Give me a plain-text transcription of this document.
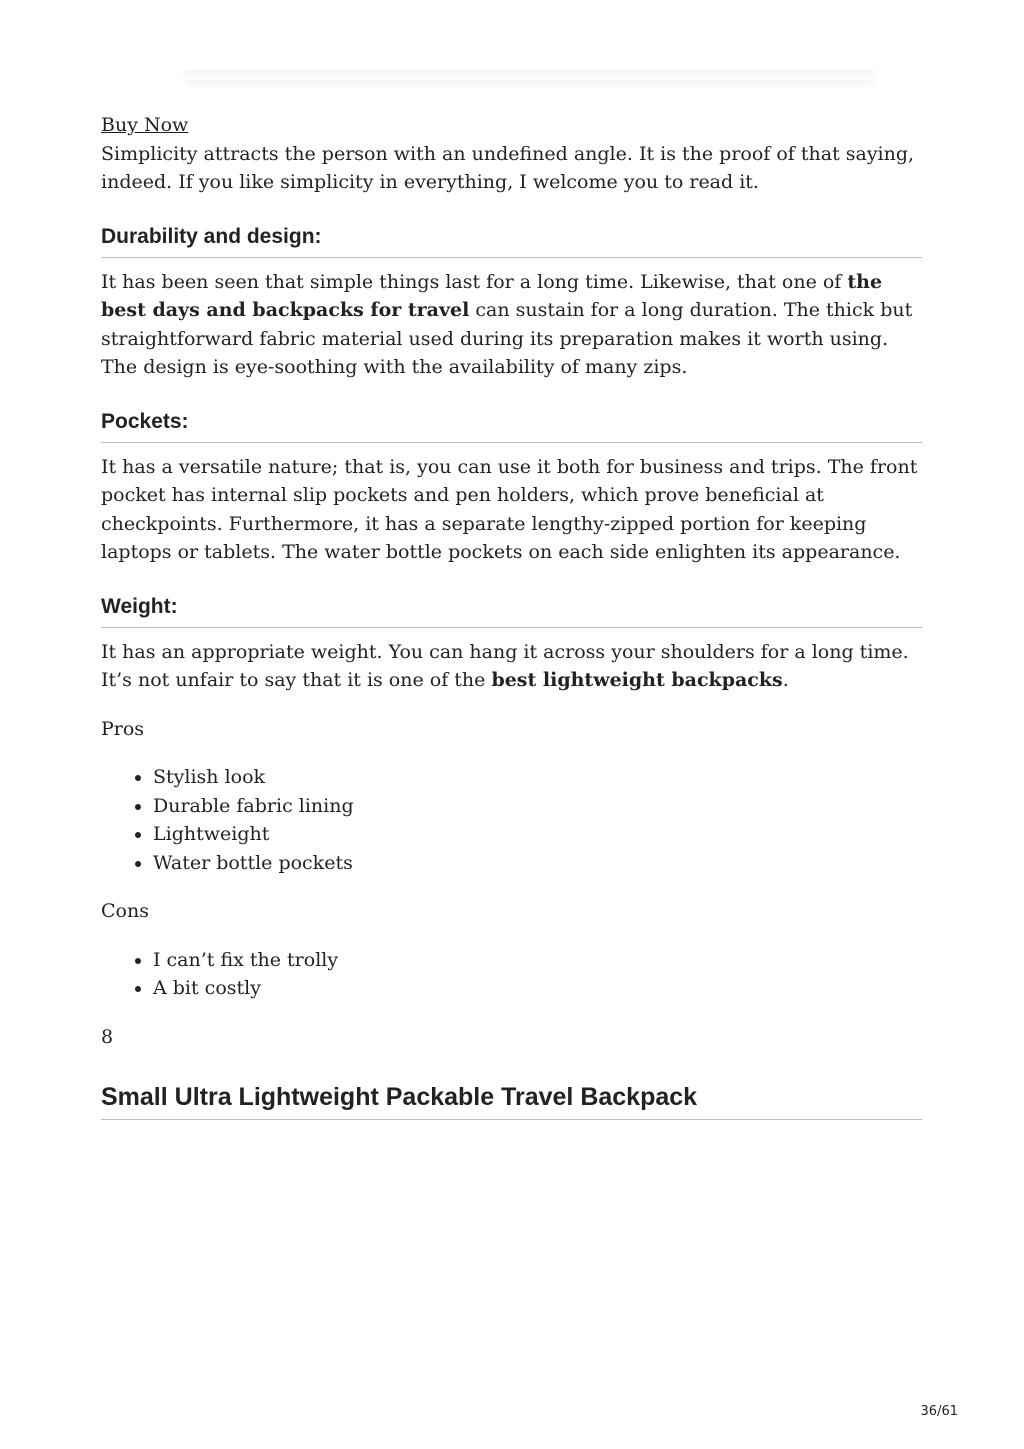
Buy Now

Simplicity attracts the person with an undefined angle. It is the proof of that saying, indeed. If you like simplicity in everything, I welcome you to read it.

Durability and design:

It has been seen that simple things last for a long time. Likewise, that one of the best days and backpacks for travel can sustain for a long duration. The thick but straightforward fabric material used during its preparation makes it worth using. The design is eye-soothing with the availability of many zips.

Pockets:

It has a versatile nature; that is, you can use it both for business and trips. The front pocket has internal slip pockets and pen holders, which prove beneficial at checkpoints. Furthermore, it has a separate lengthy-zipped portion for keeping laptops or tablets. The water bottle pockets on each side enlighten its appearance.

Weight:

It has an appropriate weight. You can hang it across your shoulders for a long time. It’s not unfair to say that it is one of the best lightweight backpacks.

Pros

• Stylish look
• Durable fabric lining
• Lightweight
• Water bottle pockets

Cons

• I can’t fix the trolly
• A bit costly

8

Small Ultra Lightweight Packable Travel Backpack
36/61
